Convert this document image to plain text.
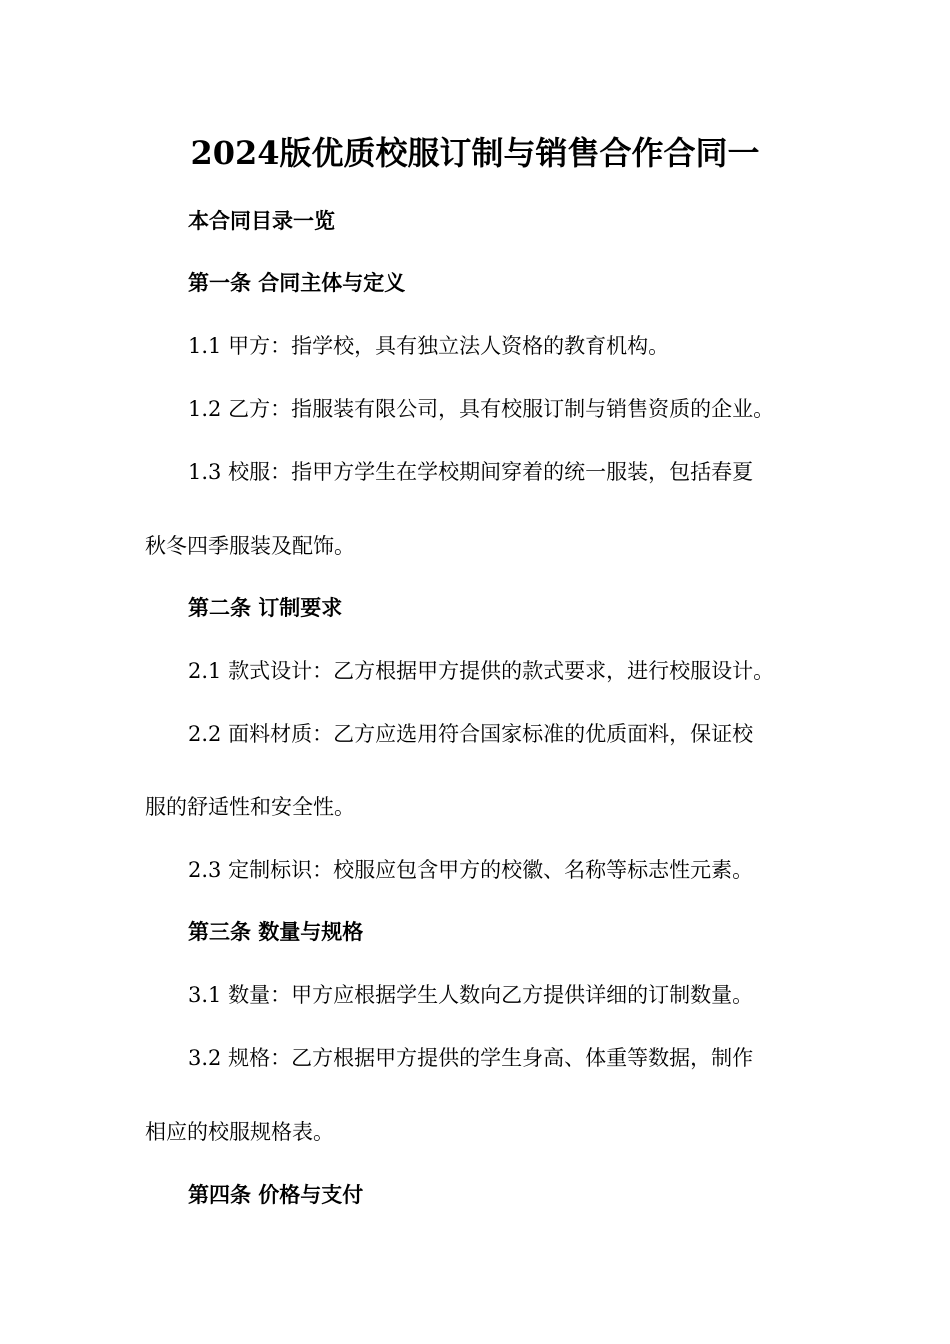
2024版优质校服订制与销售合作合同一
本合同目录一览
第一条 合同主体与定义
1.1 甲方：指学校，具有独立法人资格的教育机构。
1.2 乙方：指服装有限公司，具有校服订制与销售资质的企业。
1.3 校服：指甲方学生在学校期间穿着的统一服装，包括春夏
秋冬四季服装及配饰。
第二条 订制要求
2.1 款式设计：乙方根据甲方提供的款式要求，进行校服设计。
2.2 面料材质：乙方应选用符合国家标准的优质面料，保证校
服的舒适性和安全性。
2.3 定制标识：校服应包含甲方的校徽、名称等标志性元素。
第三条 数量与规格
3.1 数量：甲方应根据学生人数向乙方提供详细的订制数量。
3.2 规格：乙方根据甲方提供的学生身高、体重等数据，制作
相应的校服规格表。
第四条 价格与支付
